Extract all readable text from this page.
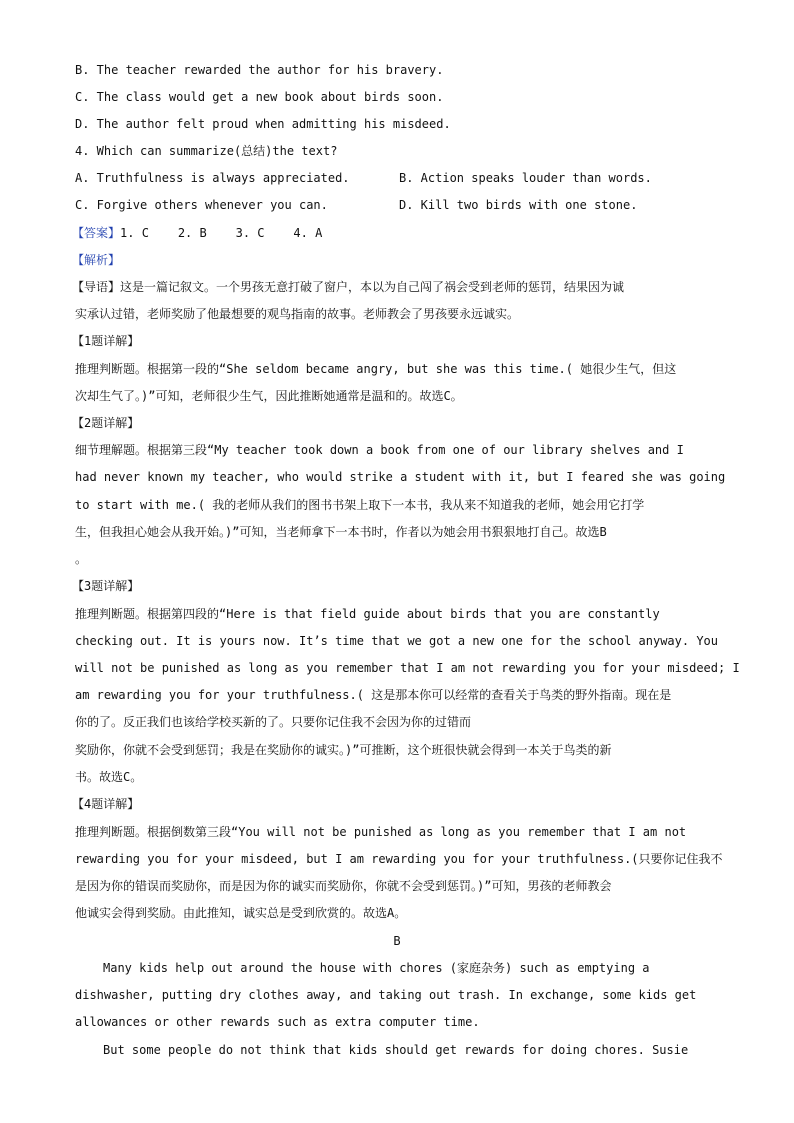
B. The teacher rewarded the author for his bravery.
C. The class would get a new book about birds soon.
D. The author felt proud when admitting his misdeed.
4. Which can summarize(总结)the text?
A. Truthfulness is always appreciated.	B. Action speaks louder than words.
C. Forgive others whenever you can.	D. Kill two birds with one stone.
【答案】1. C    2. B    3. C    4. A
【解析】
【导语】这是一篇记叙文。一个男孩无意打破了窗户，本以为自己闯了祸会受到老师的惩罚，结果因为诚
实承认过错，老师奖励了他最想要的观鸟指南的故事。老师教会了男孩要永远诚实。
【1题详解】
推理判断题。根据第一段的“She seldom became angry, but she was this time.( 她很少生气，但这
次却生气了。)”可知，老师很少生气，因此推断她通常是温和的。故选C。
【2题详解】
细节理解题。根据第三段“My teacher took down a book from one of our library shelves and I
had never known my teacher, who would strike a student with it, but I feared she was going
to start with me.( 我的老师从我们的图书书架上取下一本书，我从来不知道我的老师，她会用它打学
生，但我担心她会从我开始。)”可知，当老师拿下一本书时，作者以为她会用书狠狠地打自己。故选B
。
【3题详解】
推理判断题。根据第四段的“Here is that field guide about birds that you are constantly
checking out. It is yours now. It’s time that we got a new one for the school anyway. You
will not be punished as long as you remember that I am not rewarding you for your misdeed; I
am rewarding you for your truthfulness.( 这是那本你可以经常的查看关于鸟类的野外指南。现在是
你的了。反正我们也该给学校买新的了。只要你记住我不会因为你的过错而
奖励你，你就不会受到惩罚；我是在奖励你的诚实。)”可推断，这个班很快就会得到一本关于鸟类的新
书。故选C。
【4题详解】
推理判断题。根据倒数第三段“You will not be punished as long as you remember that I am not
rewarding you for your misdeed, but I am rewarding you for your truthfulness.(只要你记住我不
是因为你的错误而奖励你，而是因为你的诚实而奖励你，你就不会受到惩罚。)”可知，男孩的老师教会
他诚实会得到奖励。由此推知，诚实总是受到欣赏的。故选A。
B
Many kids help out around the house with chores (家庭杂务) such as emptying a
dishwasher, putting dry clothes away, and taking out trash. In exchange, some kids get
allowances or other rewards such as extra computer time.
But some people do not think that kids should get rewards for doing chores. Susie
